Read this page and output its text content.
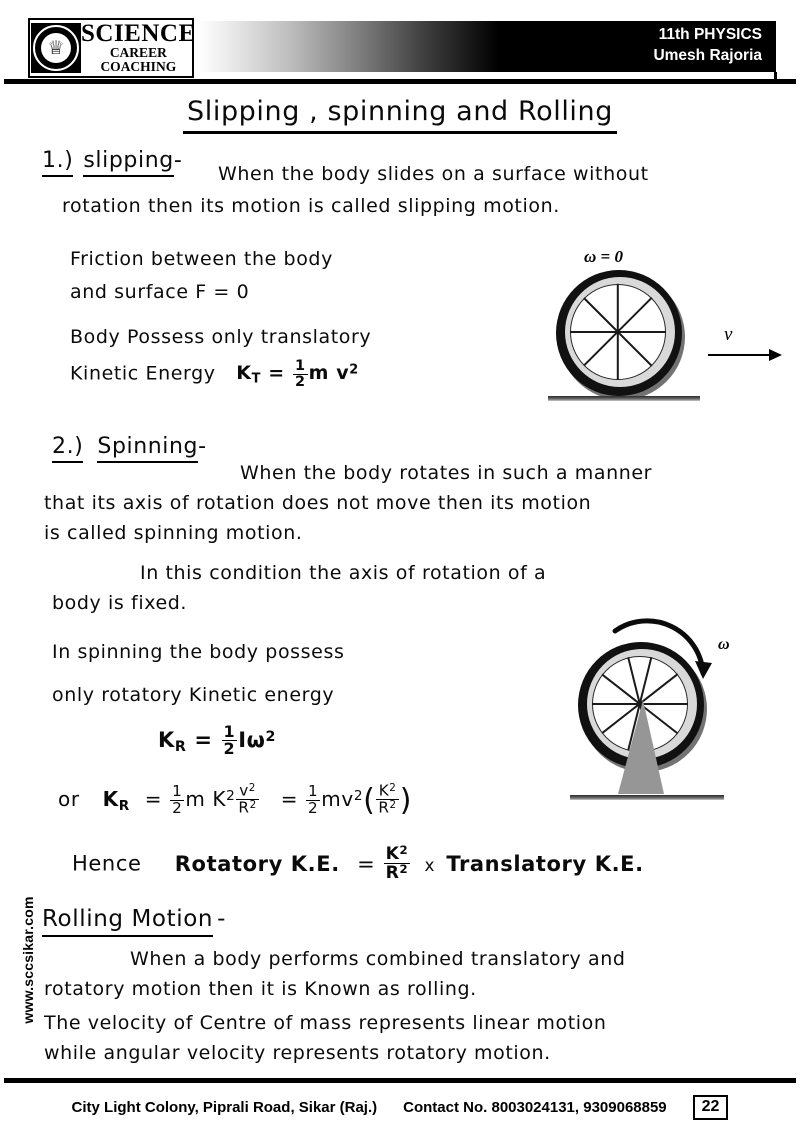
♕
SCIENCE
CAREER COACHING
11th PHYSICS
Umesh Rajoria
www.sccsikar.com
Slipping , spinning and Rolling
1.) slipping-
When the body slides on a surface without
rotation then its motion is called slipping motion.
Friction between the body
and surface F = 0
Body Possess only translatory
Kinetic Energy $K_T = \frac{1}{2}$ m $v^2$
ω = 0
v
2.) Spinning-
When the body rotates in such a manner
that its axis of rotation does not move then its motion
is called spinning motion.
In this condition the axis of rotation of a
body is fixed.
In spinning the body possess
only rotatory Kinetic energy
$K_R = \frac{1}{2} I\omega^2$
or $K_R = \frac{1}{2}$ m $K^2 \frac{v^2}{R^2} = \frac{1}{2} mv^2( \frac{K^2}{R^2}$ )
Hence Rotatory K.E. = $\frac{K^2}{R^2}$ x Translatory K.E.
ω
Rolling Motion -
When a body performs combined translatory and
rotatory motion then it is Known as rolling.
The velocity of Centre of mass represents linear motion
while angular velocity represents rotatory motion.
City Light Colony, Piprali Road, Sikar (Raj.) Contact No. 8003024131, 9309068859	22
